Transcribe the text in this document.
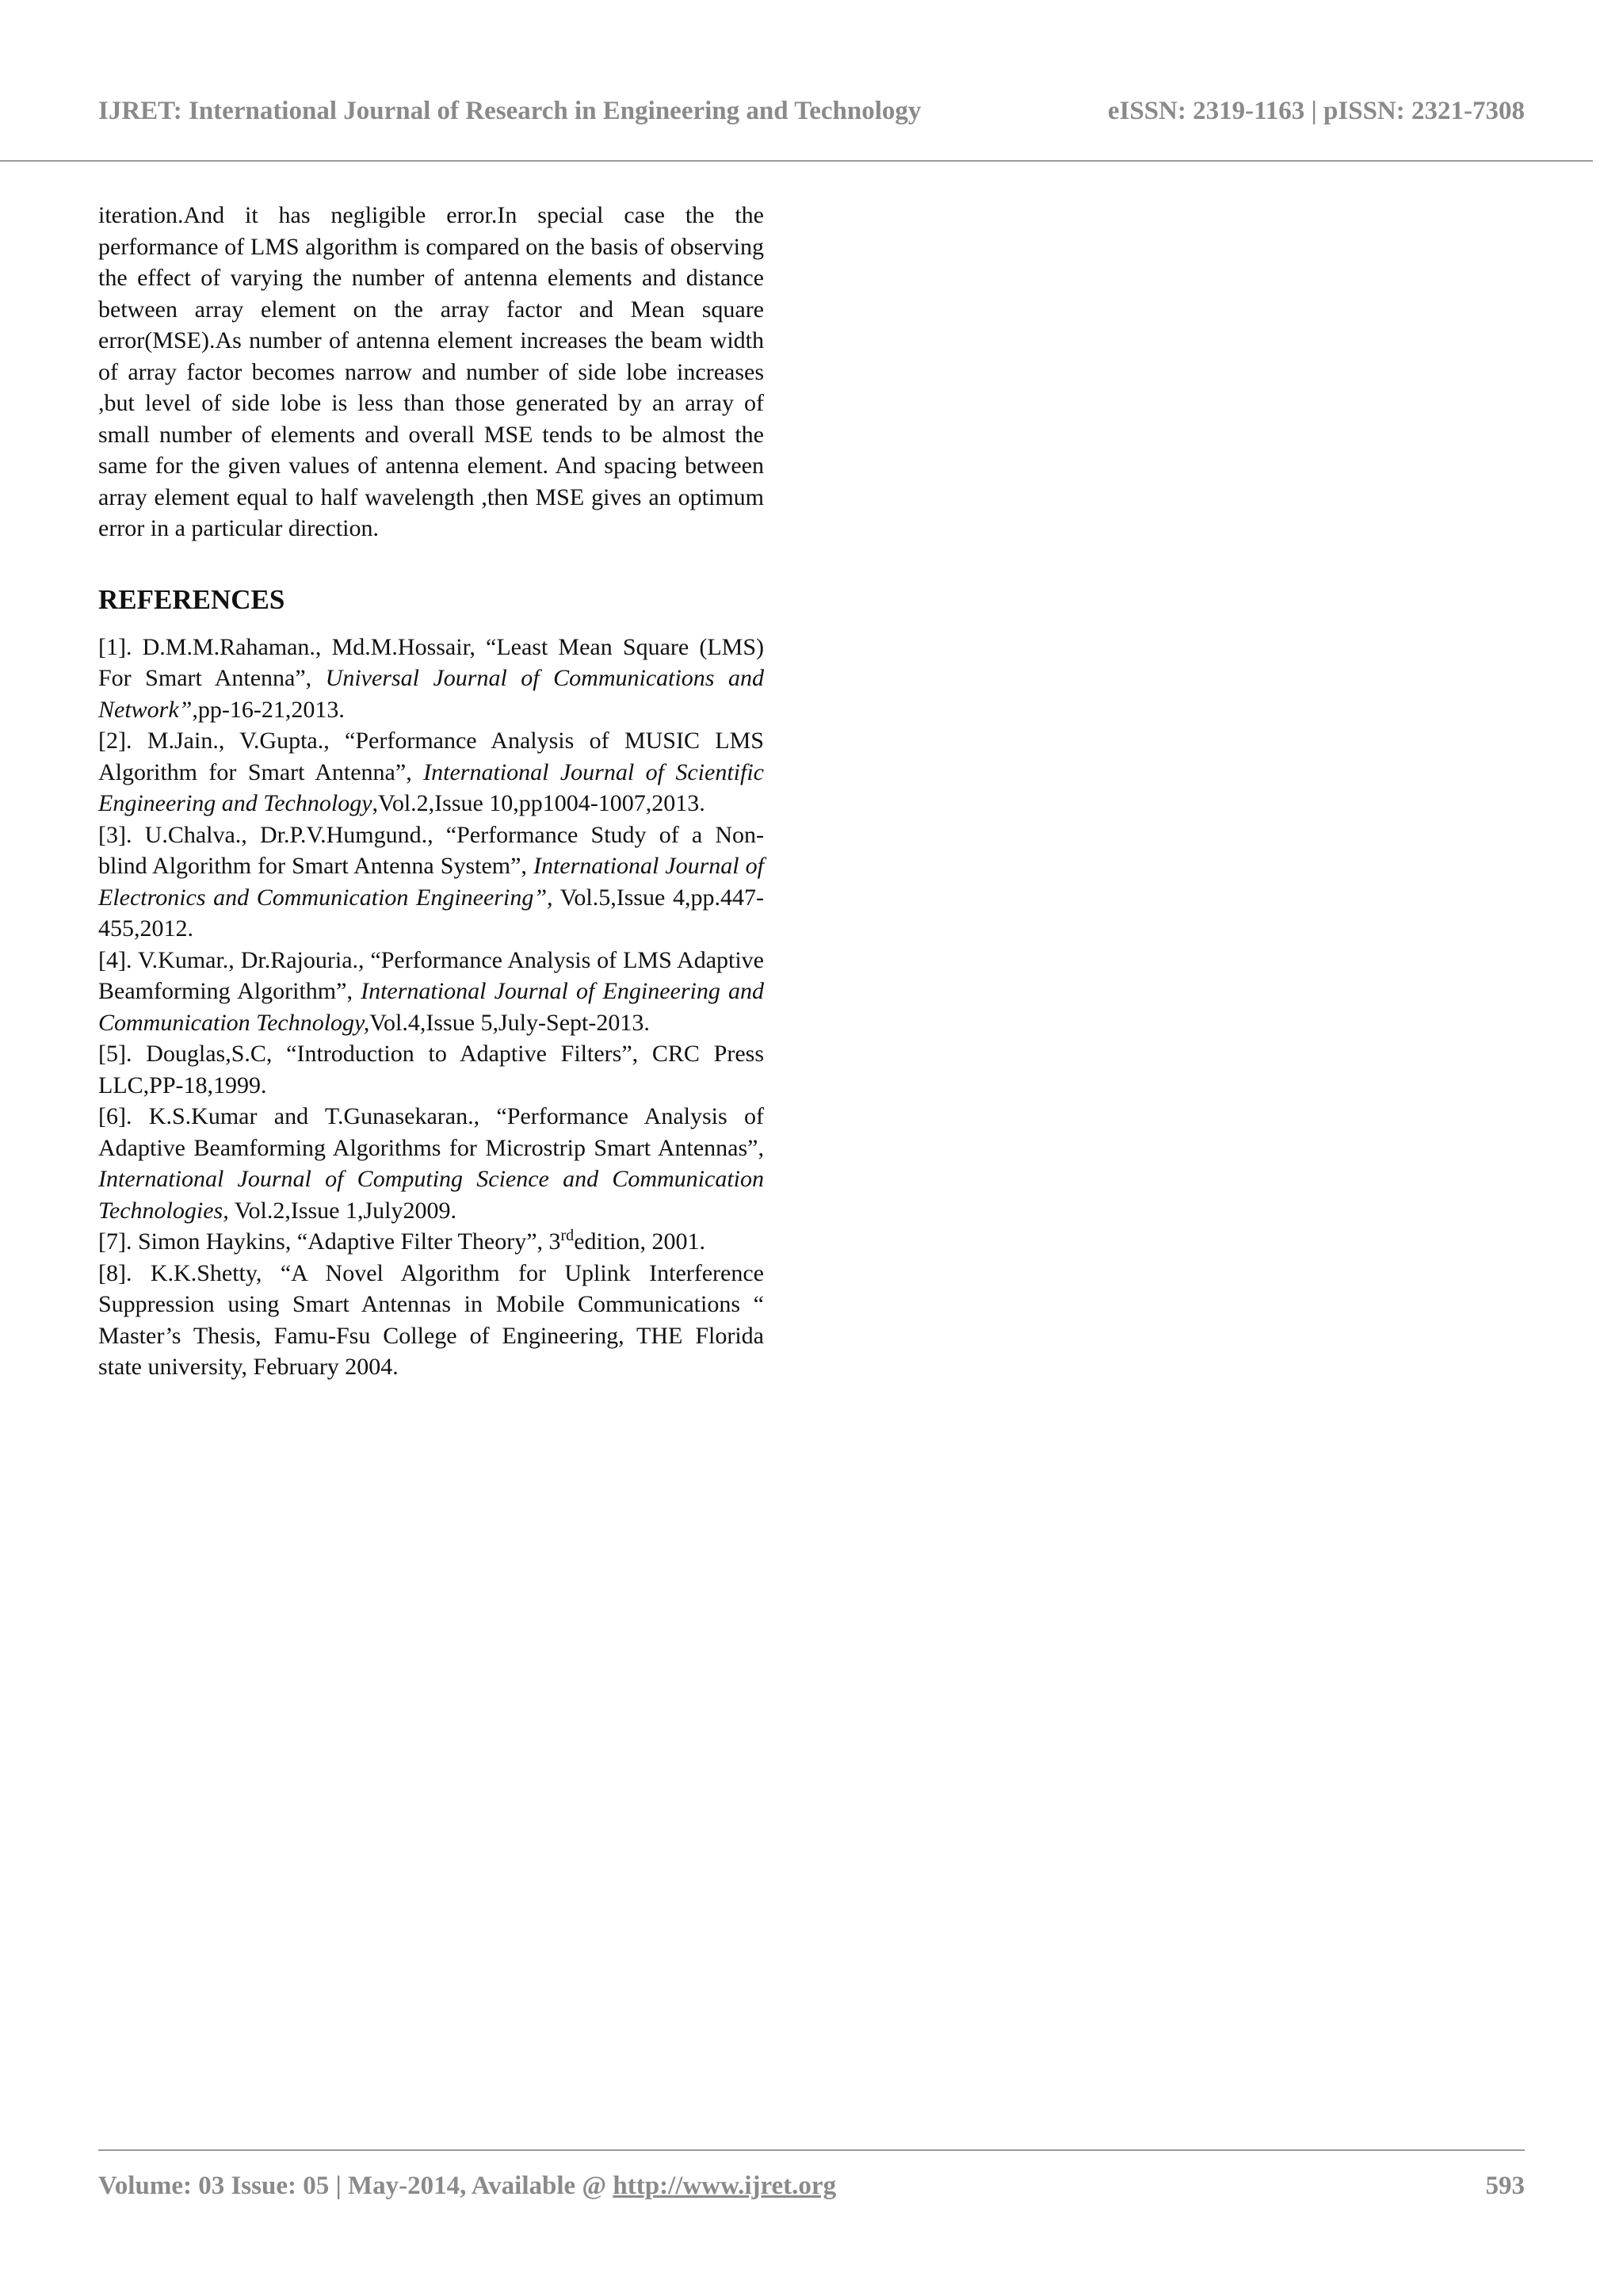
IJRET: International Journal of Research in Engineering and Technology	eISSN: 2319-1163 | pISSN: 2321-7308

iteration.And it has negligible error.In special case the the performance of LMS algorithm is compared on the basis of observing the effect of varying the number of antenna elements and distance between array element on the array factor and Mean square error(MSE).As number of antenna element increases the beam width of array factor becomes narrow and number of side lobe increases ,but level of side lobe is less than those generated by an array of small number of elements and overall MSE tends to be almost the same for the given values of antenna element. And spacing between array element equal to half wavelength ,then MSE gives an optimum error in a particular direction.

REFERENCES

[1]. D.M.M.Rahaman., Md.M.Hossair, “Least Mean Square (LMS) For Smart Antenna”, Universal Journal of Communications and Network”,pp-16-21,2013.

[2]. M.Jain., V.Gupta., “Performance Analysis of MUSIC LMS Algorithm for Smart Antenna”, International Journal of Scientific Engineering and Technology,Vol.2,Issue 10,pp1004-1007,2013.

[3]. U.Chalva., Dr.P.V.Humgund., “Performance Study of a Non-blind Algorithm for Smart Antenna System”, International Journal of Electronics and Communication Engineering”, Vol.5,Issue 4,pp.447-455,2012.

[4]. V.Kumar., Dr.Rajouria., “Performance Analysis of LMS Adaptive Beamforming Algorithm”, International Journal of Engineering and Communication Technology,Vol.4,Issue 5,July-Sept-2013.

[5]. Douglas,S.C, “Introduction to Adaptive Filters”, CRC Press LLC,PP-18,1999.

[6]. K.S.Kumar and T.Gunasekaran., “Performance Analysis of Adaptive Beamforming Algorithms for Microstrip Smart Antennas”, International Journal of Computing Science and Communication Technologies, Vol.2,Issue 1,July2009.

[7]. Simon Haykins, “Adaptive Filter Theory”, 3rdedition, 2001.

[8]. K.K.Shetty, “A Novel Algorithm for Uplink Interference Suppression using Smart Antennas in Mobile Communications “ Master’s Thesis, Famu-Fsu College of Engineering, THE Florida state university, February 2004.

Volume: 03 Issue: 05 | May-2014, Available @ http://www.ijret.org	593
